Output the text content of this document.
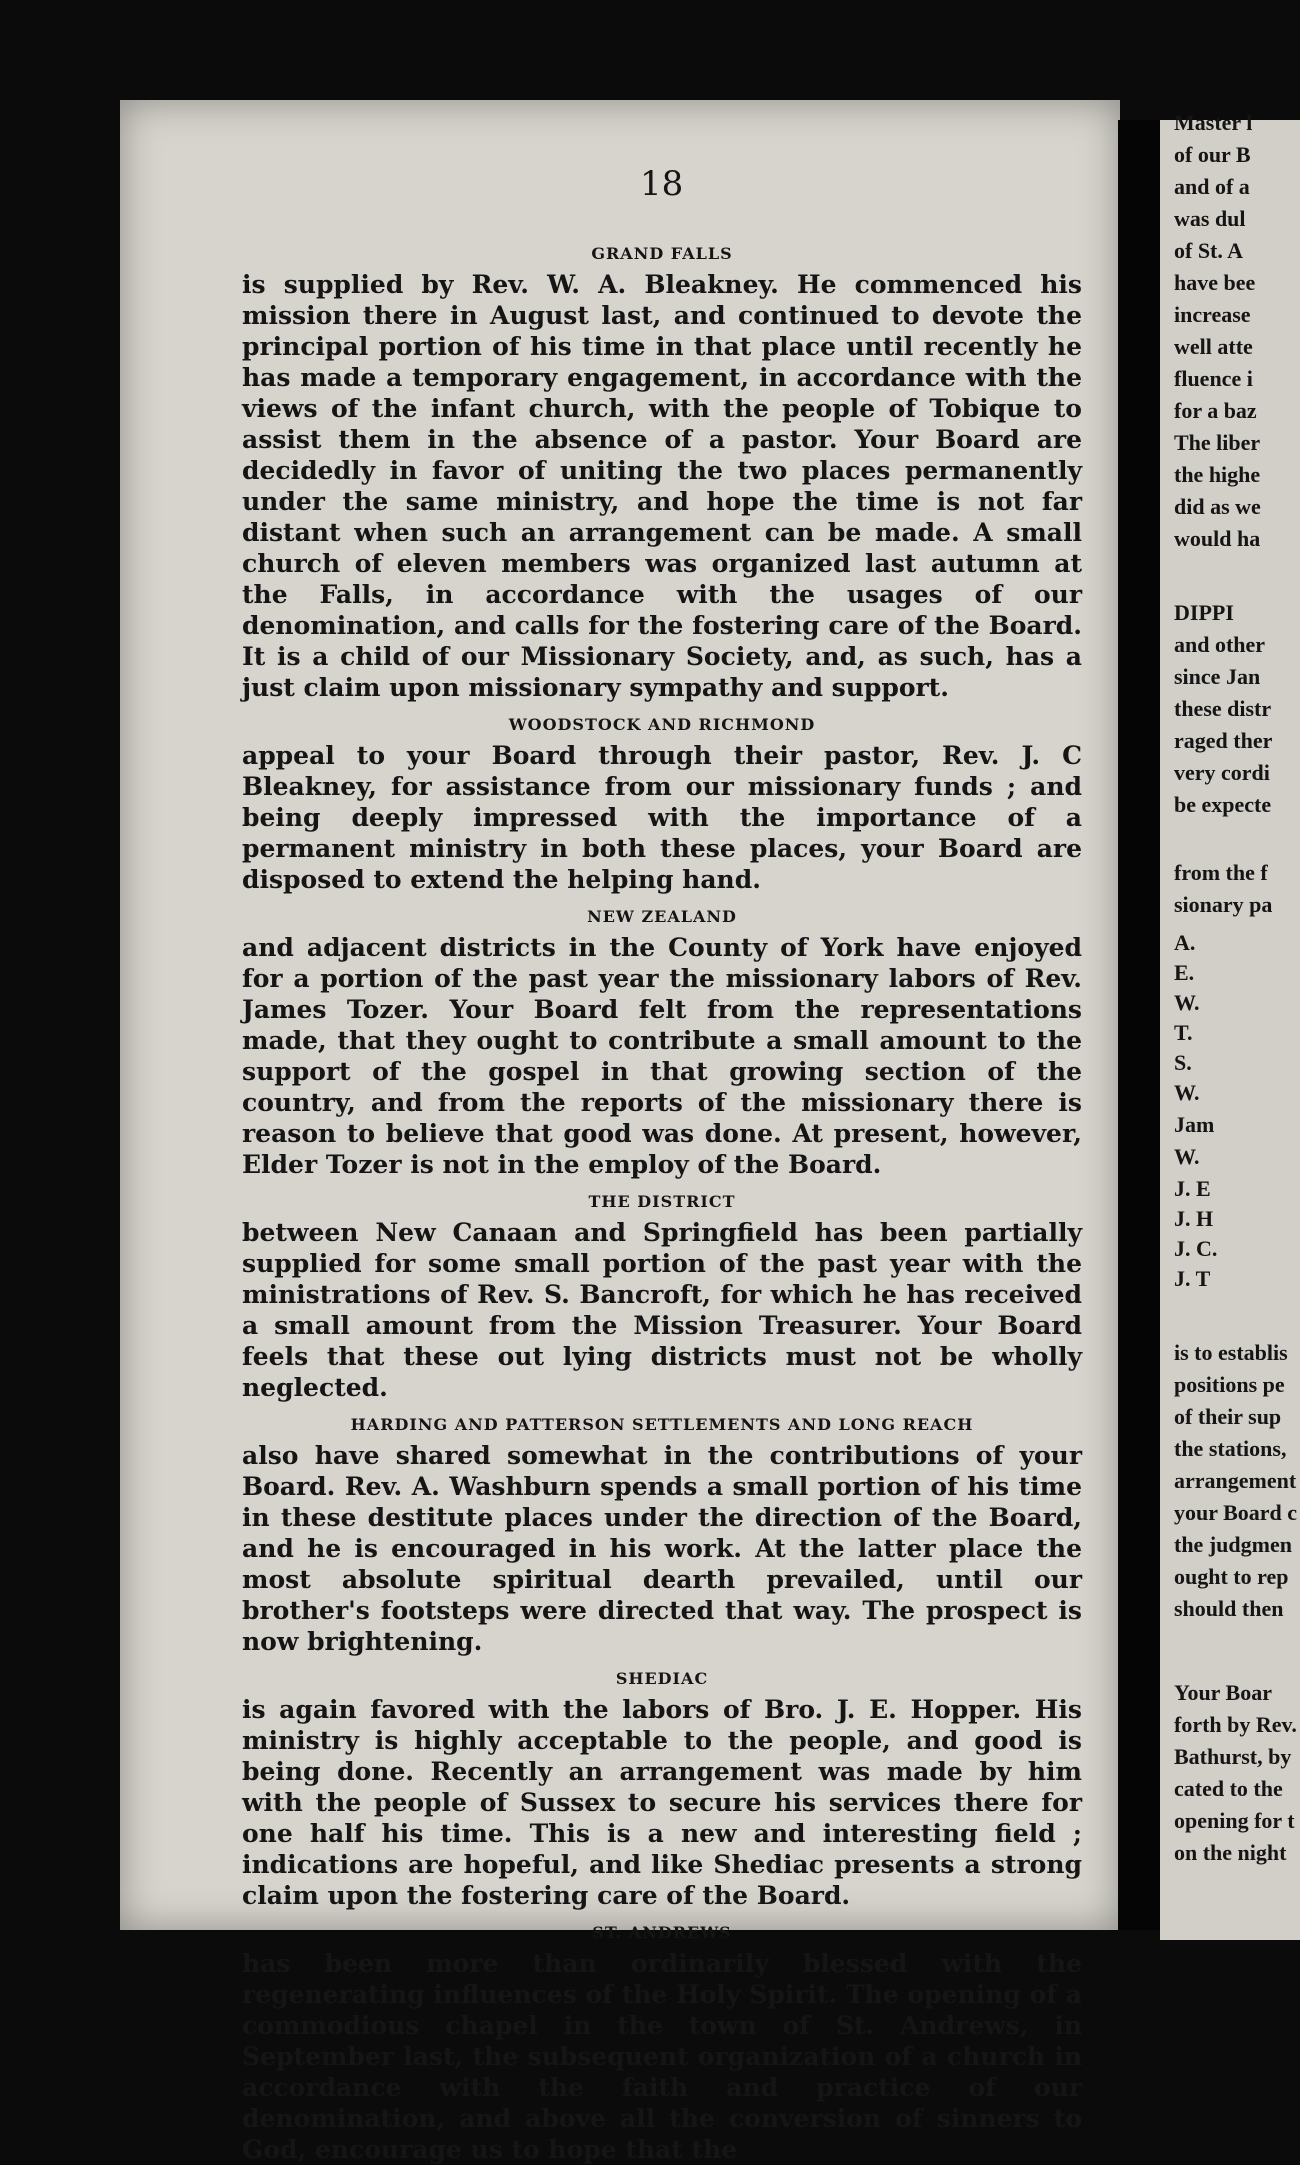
18
GRAND FALLS

is supplied by Rev. W. A. Bleakney. He commenced his mission there in August last, and continued to devote the principal portion of his time in that place until recently he has made a temporary engagement, in accordance with the views of the infant church, with the people of Tobique to assist them in the absence of a pastor. Your Board are decidedly in favor of uniting the two places permanently under the same ministry, and hope the time is not far distant when such an arrangement can be made. A small church of eleven members was organized last autumn at the Falls, in accordance with the usages of our denomination, and calls for the fostering care of the Board. It is a child of our Missionary Society, and, as such, has a just claim upon missionary sympathy and support.

WOODSTOCK AND RICHMOND

appeal to your Board through their pastor, Rev. J. C Bleakney, for assistance from our missionary funds ; and being deeply impressed with the importance of a permanent ministry in both these places, your Board are disposed to extend the helping hand.

NEW ZEALAND

and adjacent districts in the County of York have enjoyed for a portion of the past year the missionary labors of Rev. James Tozer. Your Board felt from the representations made, that they ought to contribute a small amount to the support of the gospel in that growing section of the country, and from the reports of the missionary there is reason to believe that good was done. At present, however, Elder Tozer is not in the employ of the Board.

THE DISTRICT

between New Canaan and Springfield has been partially supplied for some small portion of the past year with the ministrations of Rev. S. Bancroft, for which he has received a small amount from the Mission Treasurer. Your Board feels that these out lying districts must not be wholly neglected.

HARDING AND PATTERSON SETTLEMENTS AND LONG REACH

also have shared somewhat in the contributions of your Board. Rev. A. Washburn spends a small portion of his time in these destitute places under the direction of the Board, and he is encouraged in his work. At the latter place the most absolute spiritual dearth prevailed, until our brother's footsteps were directed that way. The prospect is now brightening.

SHEDIAC

is again favored with the labors of Bro. J. E. Hopper. His ministry is highly acceptable to the people, and good is being done. Recently an arrangement was made by him with the people of Sussex to secure his services there for one half his time. This is a new and interesting field ; indications are hopeful, and like Shediac presents a strong claim upon the fostering care of the Board.

ST. ANDREWS

has been more than ordinarily blessed with the regenerating influences of the Holy Spirit. The opening of a commodious chapel in the town of St. Andrews, in September last, the subsequent organization of a church in accordance with the faith and practice of our denomination, and above all the conversion of sinners to God, encourage us to hope that the

Master l
of our B
and of a
was dul
of St. A
have bee
increase
well atte
fluence i
for a baz
The liber
the highe
did as we
would ha
DIPPI
and other
since Jan
these distr
raged ther
very cordi
be expecte
from the f
sionary pa
A.
E.
W.
T.
S.
W.
Jam
W.
J. E
J. H
J. C.
J. T
is to establis
positions pe
of their sup
the stations,
arrangement
your Board c
the judgmen
ought to rep
should then
Your Boar
forth by Rev.
Bathurst, by
cated to the
opening for t
on the night
